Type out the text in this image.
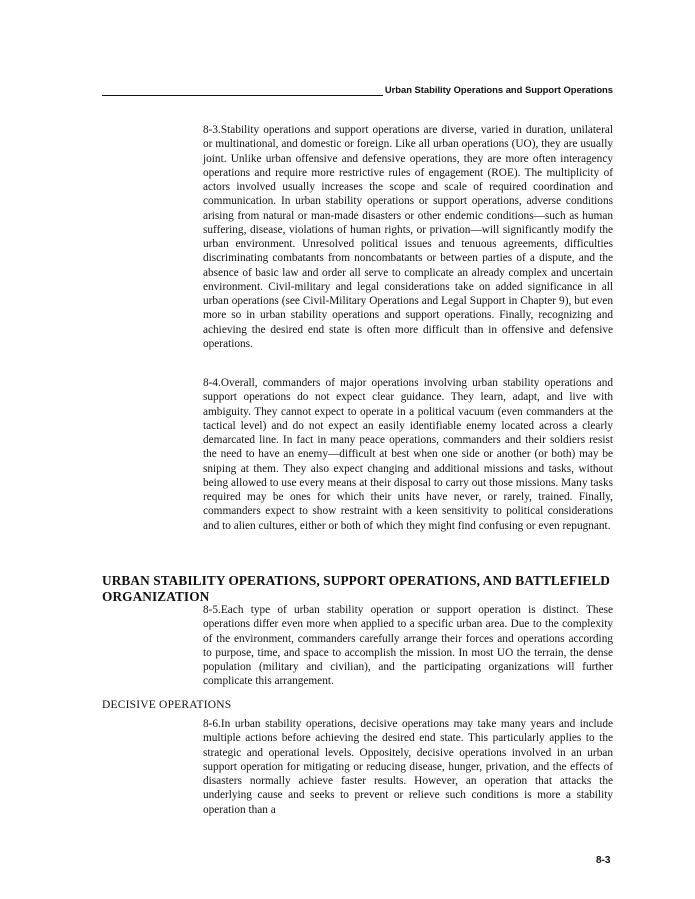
Urban Stability Operations and Support Operations

8-3.Stability operations and support operations are diverse, varied in duration, unilateral or multinational, and domestic or foreign. Like all urban operations (UO), they are usually joint. Unlike urban offensive and defensive operations, they are more often interagency operations and require more restrictive rules of engagement (ROE). The multiplicity of actors involved usually increases the scope and scale of required coordination and communication. In urban stability operations or support operations, adverse conditions arising from natural or man-made disasters or other endemic conditions—such as human suffering, disease, violations of human rights, or privation—will significantly modify the urban environment. Unresolved political issues and tenuous agreements, difficulties discriminating combatants from noncombatants or between parties of a dispute, and the absence of basic law and order all serve to complicate an already complex and uncertain environment. Civil-military and legal considerations take on added significance in all urban operations (see Civil-Military Operations and Legal Support in Chapter 9), but even more so in urban stability operations and support operations. Finally, recognizing and achieving the desired end state is often more difficult than in offensive and defensive operations.

8-4.Overall, commanders of major operations involving urban stability operations and support operations do not expect clear guidance. They learn, adapt, and live with ambiguity. They cannot expect to operate in a political vacuum (even commanders at the tactical level) and do not expect an easily identifiable enemy located across a clearly demarcated line. In fact in many peace operations, commanders and their soldiers resist the need to have an enemy—difficult at best when one side or another (or both) may be sniping at them. They also expect changing and additional missions and tasks, without being allowed to use every means at their disposal to carry out those missions. Many tasks required may be ones for which their units have never, or rarely, trained. Finally, commanders expect to show restraint with a keen sensitivity to political considerations and to alien cultures, either or both of which they might find confusing or even repugnant.

URBAN STABILITY OPERATIONS, SUPPORT OPERATIONS, AND BATTLEFIELD ORGANIZATION

8-5.Each type of urban stability operation or support operation is distinct. These operations differ even more when applied to a specific urban area. Due to the complexity of the environment, commanders carefully arrange their forces and operations according to purpose, time, and space to accomplish the mission. In most UO the terrain, the dense population (military and civilian), and the participating organizations will further complicate this arrangement.

DECISIVE OPERATIONS

8-6.In urban stability operations, decisive operations may take many years and include multiple actions before achieving the desired end state. This particularly applies to the strategic and operational levels. Oppositely, decisive operations involved in an urban support operation for mitigating or reducing disease, hunger, privation, and the effects of disasters normally achieve faster results. However, an operation that attacks the underlying cause and seeks to prevent or relieve such conditions is more a stability operation than a

8-3
